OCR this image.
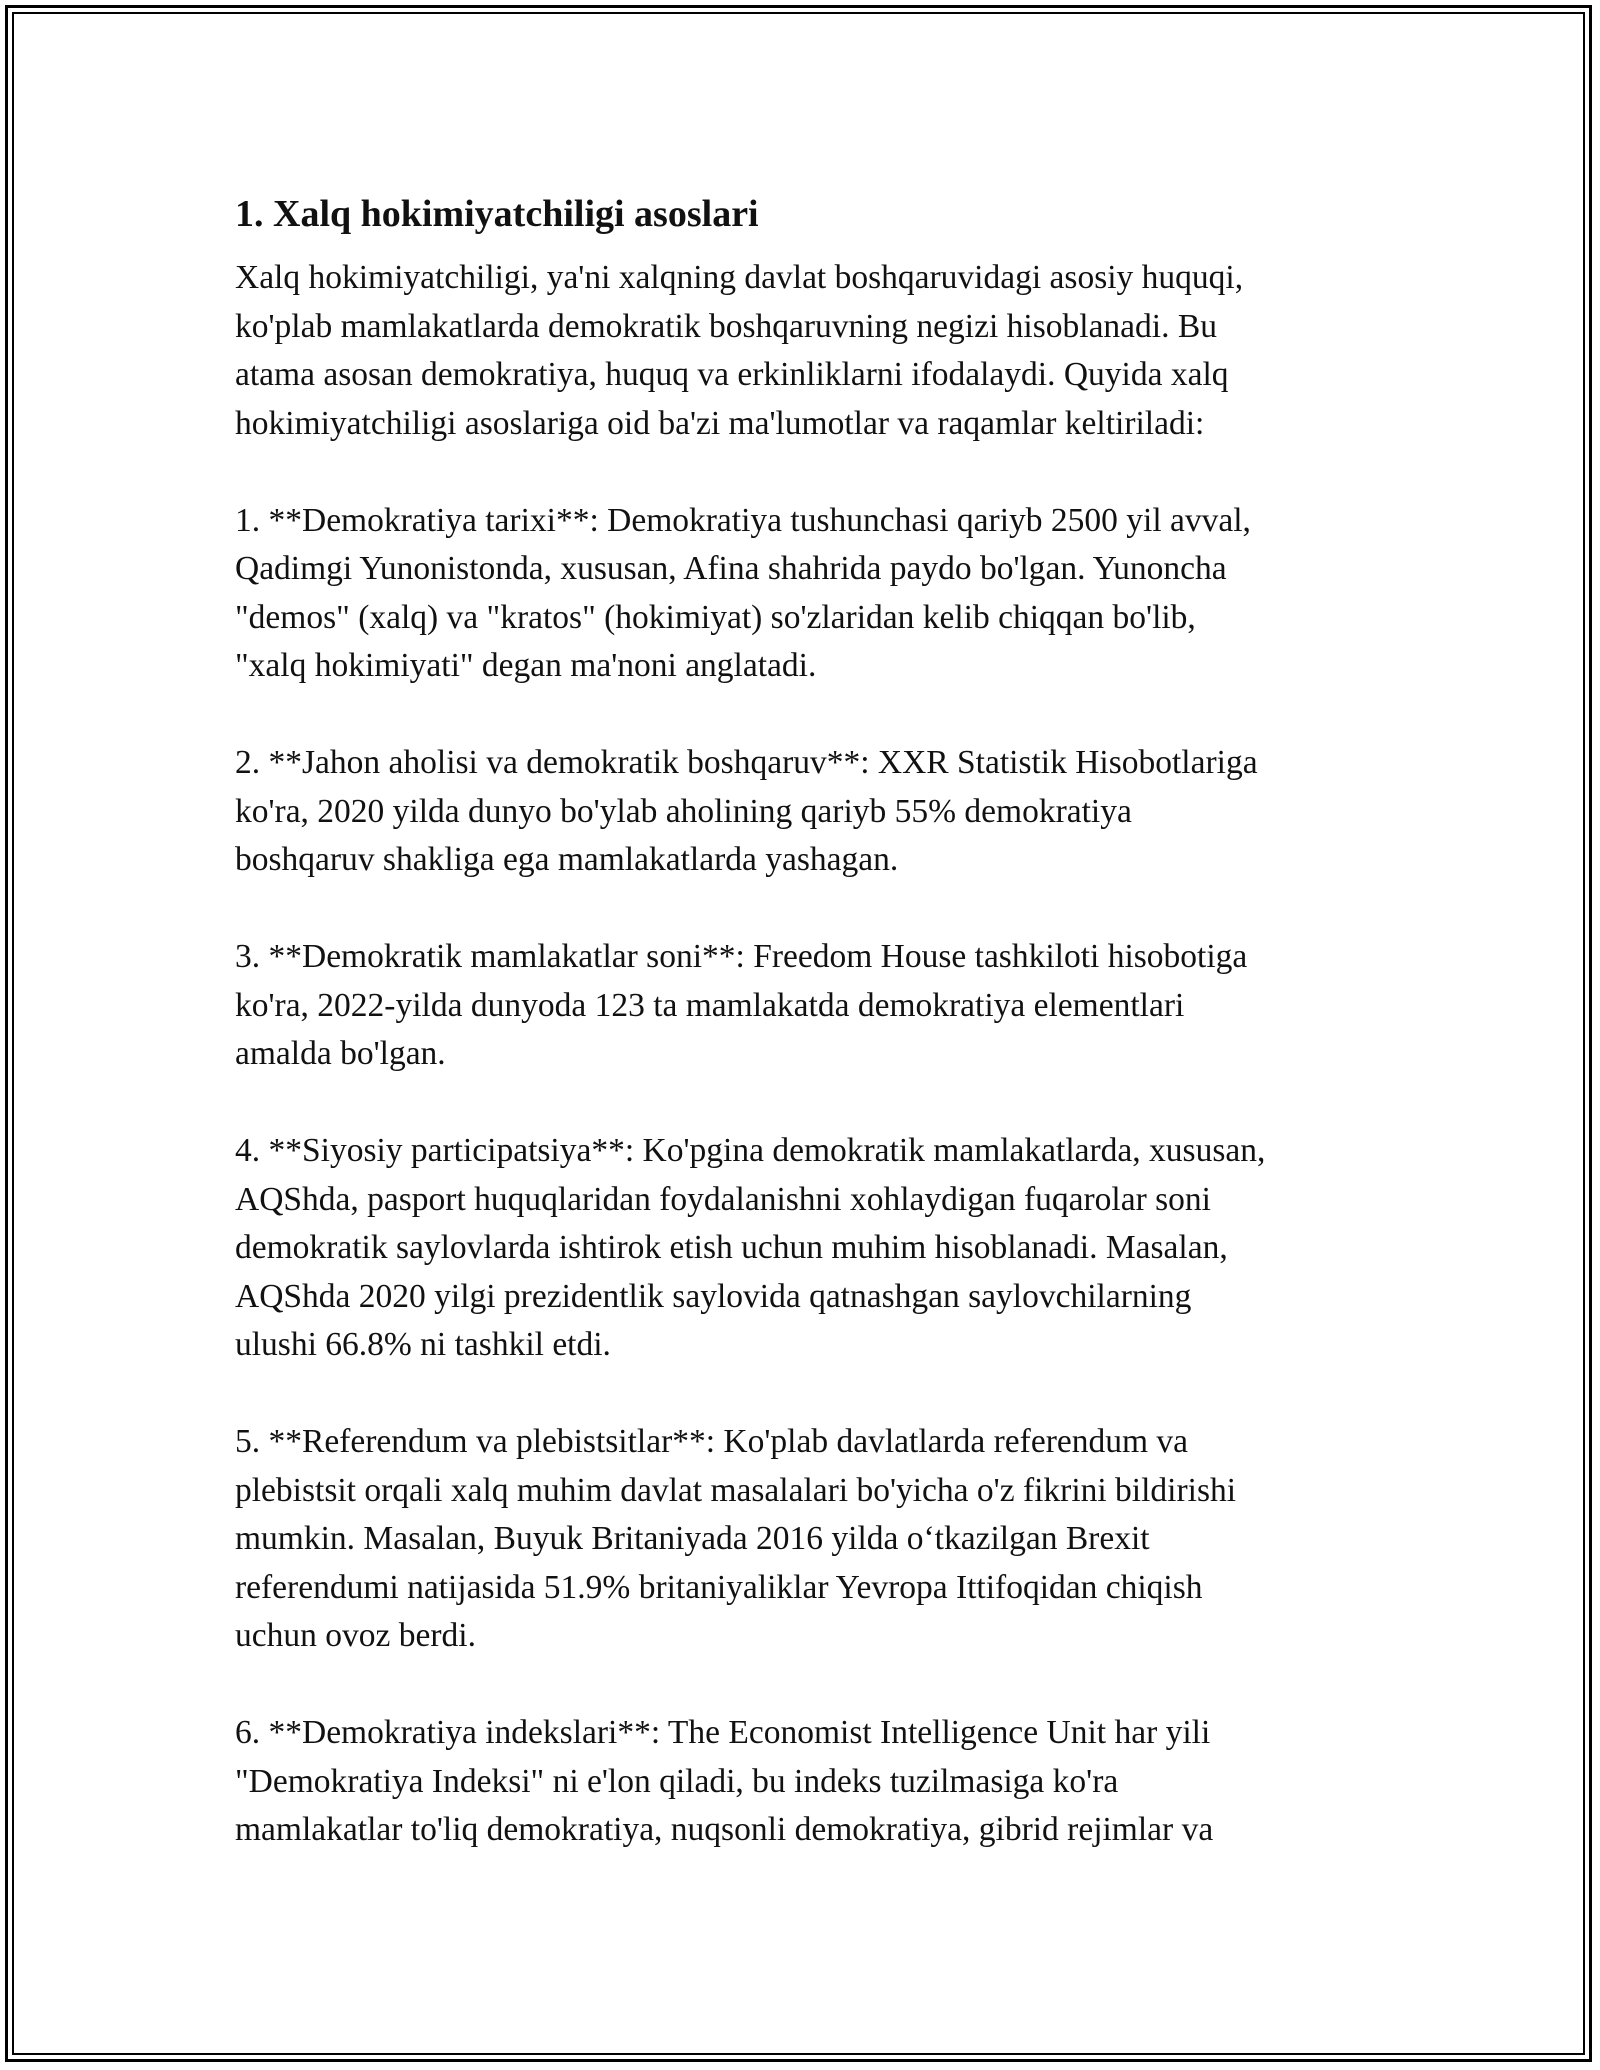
1. Xalq hokimiyatchiligi asoslari

Xalq hokimiyatchiligi, ya'ni xalqning davlat boshqaruvidagi asosiy huquqi,
ko'plab mamlakatlarda demokratik boshqaruvning negizi hisoblanadi. Bu
atama asosan demokratiya, huquq va erkinliklarni ifodalaydi. Quyida xalq
hokimiyatchiligi asoslariga oid ba'zi ma'lumotlar va raqamlar keltiriladi:

1. **Demokratiya tarixi**: Demokratiya tushunchasi qariyb 2500 yil avval,
Qadimgi Yunonistonda, xususan, Afina shahrida paydo bo'lgan. Yunoncha
"demos" (xalq) va "kratos" (hokimiyat) so'zlaridan kelib chiqqan bo'lib,
"xalq hokimiyati" degan ma'noni anglatadi.

2. **Jahon aholisi va demokratik boshqaruv**: XXR Statistik Hisobotlariga
ko'ra, 2020 yilda dunyo bo'ylab aholining qariyb 55% demokratiya
boshqaruv shakliga ega mamlakatlarda yashagan.

3. **Demokratik mamlakatlar soni**: Freedom House tashkiloti hisobotiga
ko'ra, 2022-yilda dunyoda 123 ta mamlakatda demokratiya elementlari
amalda bo'lgan.

4. **Siyosiy participatsiya**: Ko'pgina demokratik mamlakatlarda, xususan,
AQShda, pasport huquqlaridan foydalanishni xohlaydigan fuqarolar soni
demokratik saylovlarda ishtirok etish uchun muhim hisoblanadi. Masalan,
AQShda 2020 yilgi prezidentlik saylovida qatnashgan saylovchilarning
ulushi 66.8% ni tashkil etdi.

5. **Referendum va plebistsitlar**: Ko'plab davlatlarda referendum va
plebistsit orqali xalq muhim davlat masalalari bo'yicha o'z fikrini bildirishi
mumkin. Masalan, Buyuk Britaniyada 2016 yilda o‘tkazilgan Brexit
referendumi natijasida 51.9% britaniyaliklar Yevropa Ittifoqidan chiqish
uchun ovoz berdi.

6. **Demokratiya indekslari**: The Economist Intelligence Unit har yili
"Demokratiya Indeksi" ni e'lon qiladi, bu indeks tuzilmasiga ko'ra
mamlakatlar to'liq demokratiya, nuqsonli demokratiya, gibrid rejimlar va
